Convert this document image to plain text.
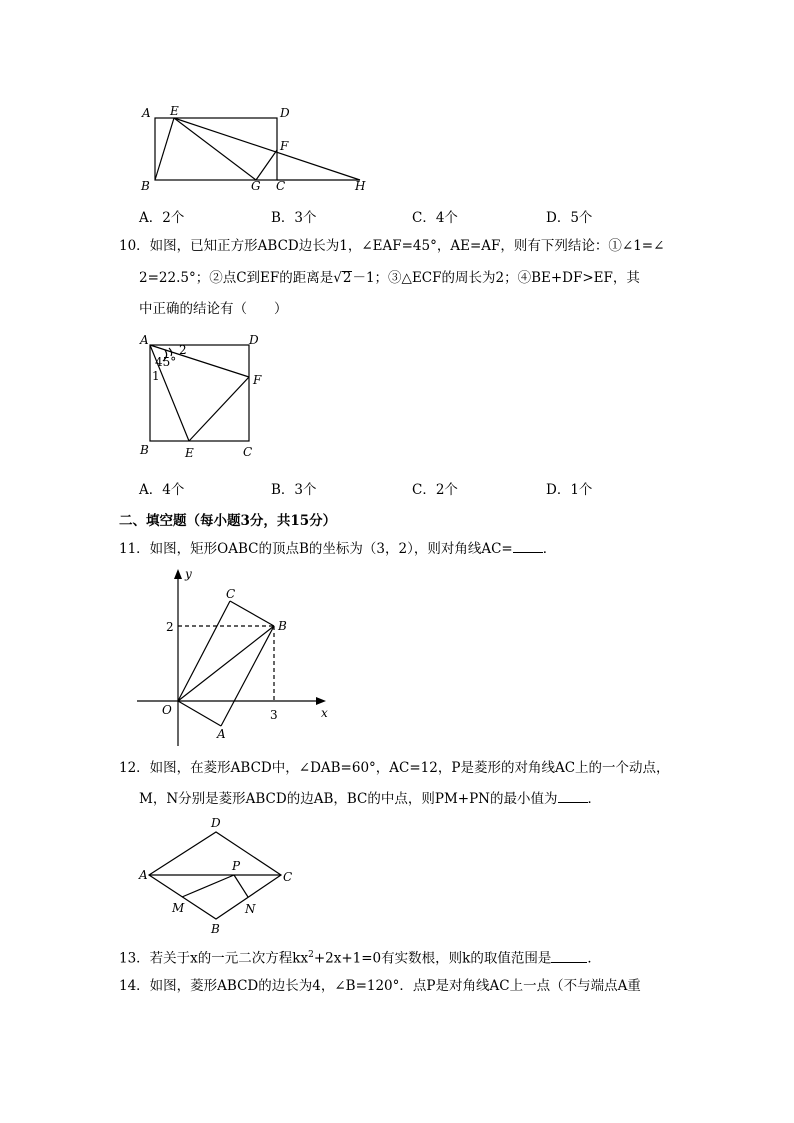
A E	D
F
B	G C	H
A．2个	B．3个	C．4个	D．5个
10．如图，已知正方形ABCD边长为1，∠EAF=45°，AE=AF，则有下列结论：①∠1=∠
2=22.5°；②点C到EF的距离是√2－1；③△ECF的周长为2；④BE+DF>EF，其
中正确的结论有（　　）
A	D
B	C
E
F
45°
1
2
A．4个	B．3个	C．2个	D．1个
二、填空题（每小题3分，共15分）
11．如图，矩形OABC的顶点B的坐标为（3，2），则对角线AC= ．
y
x
O
A
B
C
2
3
12．如图，在菱形ABCD中，∠DAB=60°，AC=12，P是菱形的对角线AC上的一个动点，
M，N分别是菱形ABCD的边AB，BC的中点，则PM+PN的最小值为 ．
D
A	C
B
P
M	N
13．若关于x的一元二次方程$kx^2+2x+1=0$有实数根，则k的取值范围是	．
14．如图，菱形ABCD的边长为4，∠B=120°．点P是对角线AC上一点（不与端点A重
